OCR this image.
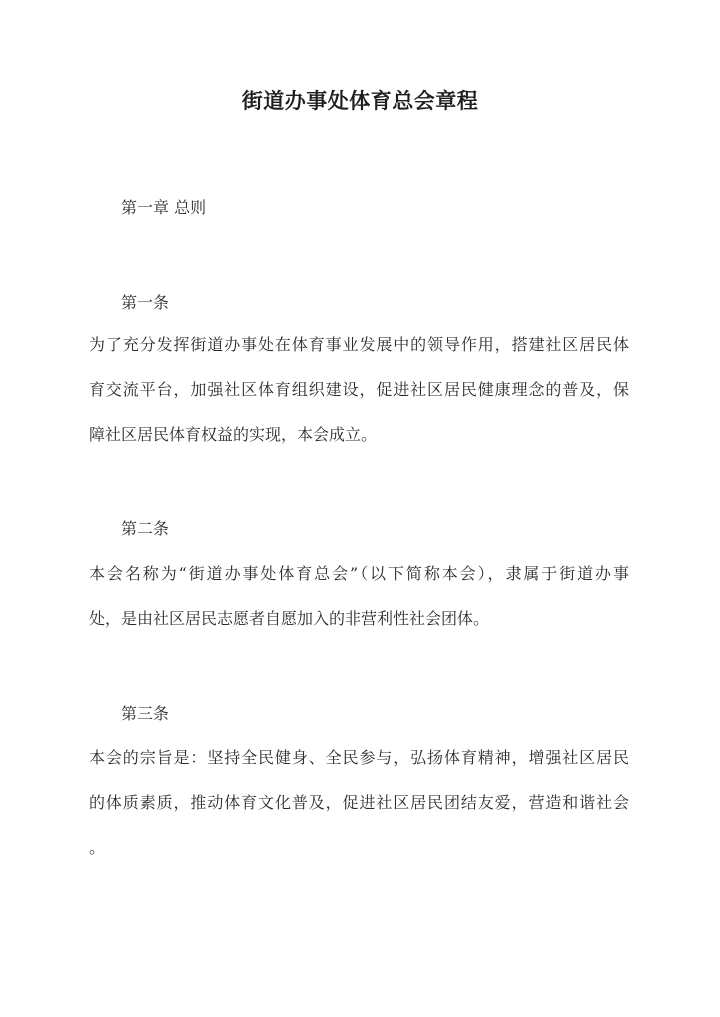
街道办事处体育总会章程
第一章 总则
第一条
为了充分发挥街道办事处在体育事业发展中的领导作用，搭建社区居民体
育交流平台，加强社区体育组织建设，促进社区居民健康理念的普及，保
障社区居民体育权益的实现，本会成立。
第二条
本会名称为“街道办事处体育总会”（以下简称本会），隶属于街道办事
处，是由社区居民志愿者自愿加入的非营利性社会团体。
第三条
本会的宗旨是：坚持全民健身、全民参与，弘扬体育精神，增强社区居民
的体质素质，推动体育文化普及，促进社区居民团结友爱，营造和谐社会
。
